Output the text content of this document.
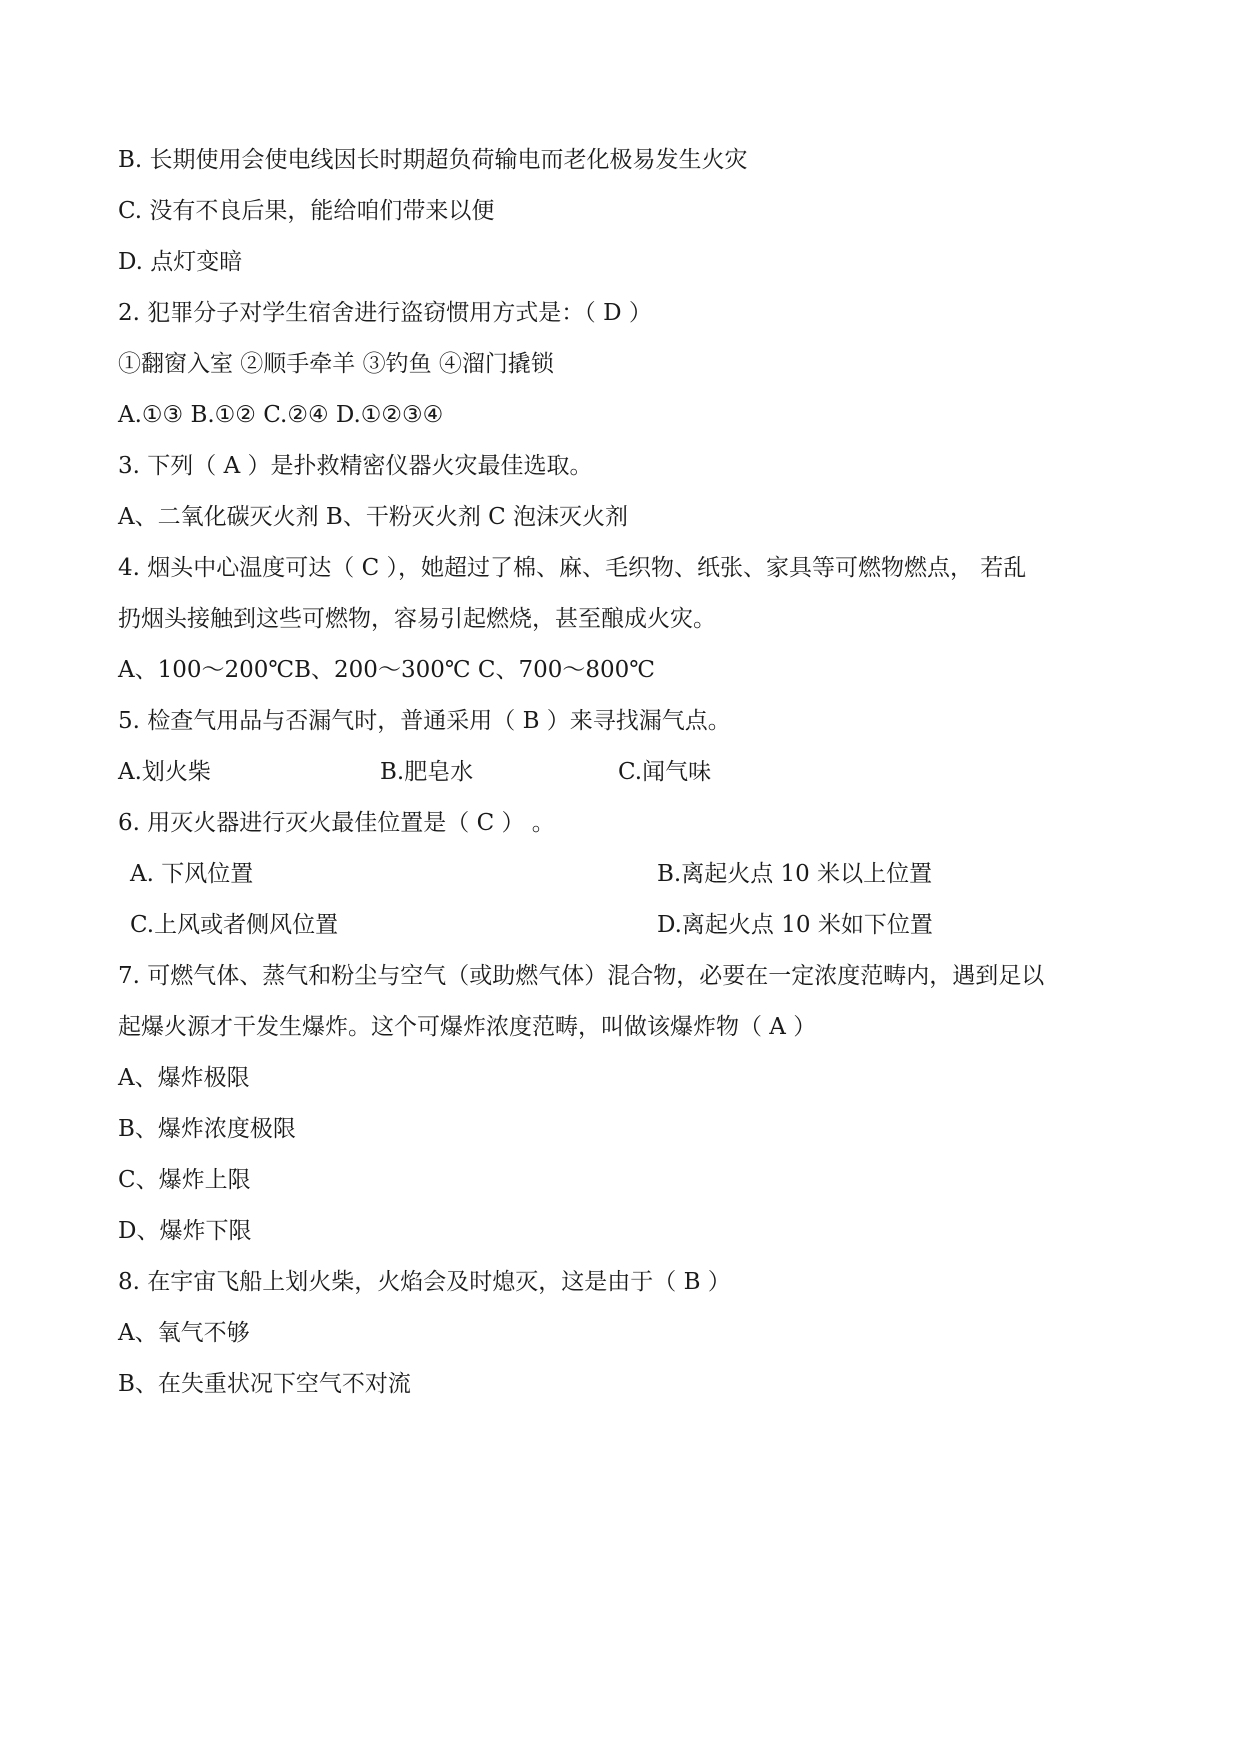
B. 长期使用会使电线因长时期超负荷输电而老化极易发生火灾
C. 没有不良后果，能给咱们带来以便
D. 点灯变暗
2. 犯罪分子对学生宿舍进行盗窃惯用方式是：（ D ）
①翻窗入室 ②顺手牵羊 ③钓鱼 ④溜门撬锁
A.①③ B.①② C.②④ D.①②③④
3. 下列（ A ）是扑救精密仪器火灾最佳选取。
A、二氧化碳灭火剂 B、干粉灭火剂 C 泡沫灭火剂
4. 烟头中心温度可达（ C ），她超过了棉、麻、毛织物、纸张、家具等可燃物燃点， 若乱
扔烟头接触到这些可燃物，容易引起燃烧，甚至酿成火灾。
A、100～200℃B、200～300℃ C、700～800℃
5. 检查气用品与否漏气时，普通采用（ B ）来寻找漏气点。
A.划火柴	B.肥皂水	C.闻气味
6. 用灭火器进行灭火最佳位置是（ C ） 。
A. 下风位置	B.离起火点 10 米以上位置
C.上风或者侧风位置	D.离起火点 10 米如下位置
7. 可燃气体、蒸气和粉尘与空气（或助燃气体）混合物，必要在一定浓度范畴内，遇到足以
起爆火源才干发生爆炸。这个可爆炸浓度范畴，叫做该爆炸物（ A ）
A、爆炸极限
B、爆炸浓度极限
C、爆炸上限
D、爆炸下限
8. 在宇宙飞船上划火柴，火焰会及时熄灭，这是由于（ B ）
A、氧气不够
B、在失重状况下空气不对流
